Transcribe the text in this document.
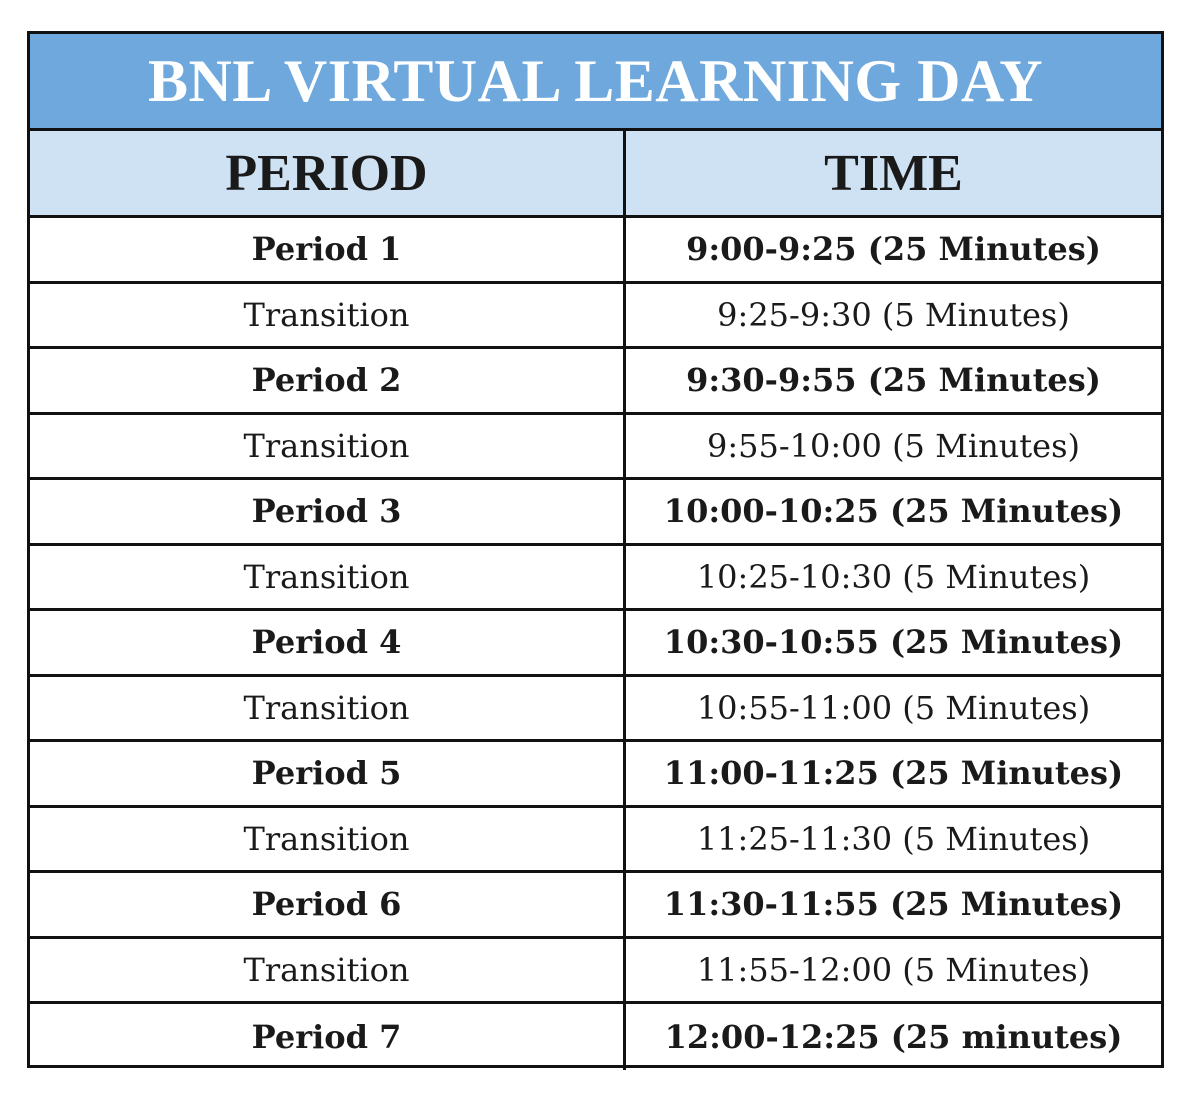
BNL VIRTUAL LEARNING DAY
PERIOD	TIME
Period 1	9:00-9:25 (25 Minutes)
Transition	9:25-9:30 (5 Minutes)
Period 2	9:30-9:55 (25 Minutes)
Transition	9:55-10:00 (5 Minutes)
Period 3	10:00-10:25 (25 Minutes)
Transition	10:25-10:30 (5 Minutes)
Period 4	10:30-10:55 (25 Minutes)
Transition	10:55-11:00 (5 Minutes)
Period 5	11:00-11:25 (25 Minutes)
Transition	11:25-11:30 (5 Minutes)
Period 6	11:30-11:55 (25 Minutes)
Transition	11:55-12:00 (5 Minutes)
Period 7	12:00-12:25 (25 minutes)
